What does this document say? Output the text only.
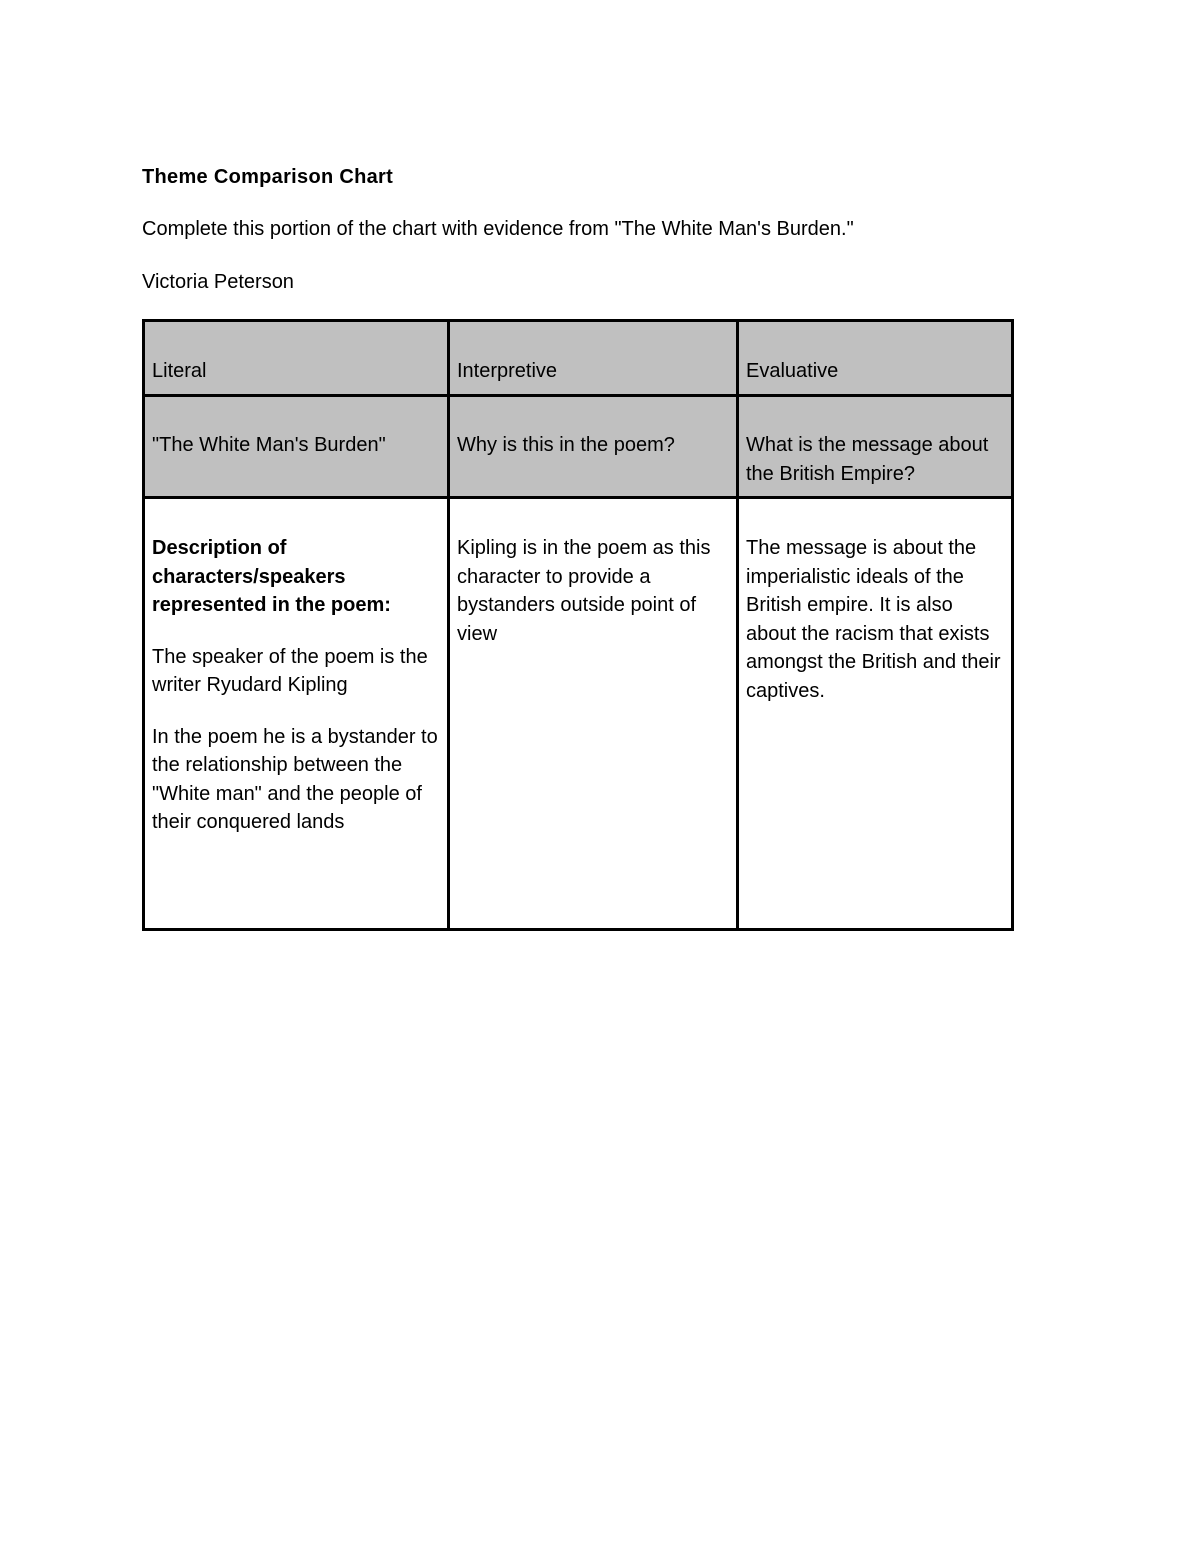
Theme Comparison Chart
Complete this portion of the chart with evidence from "The White Man's Burden."
Victoria Peterson
Literal	Interpretive	Evaluative
"The White Man's Burden"	Why is this in the poem?	What is the message about the British Empire?

Description of characters/speakers represented in the poem:
The speaker of the poem is the writer Ryudard Kipling
In the poem he is a bystander to the relationship between the "White man" and the people of their conquered lands	Kipling is in the poem as this character to provide a bystanders outside point of view	The message is about the imperialistic ideals of the British empire. It is also about the racism that exists amongst the British and their captives.
